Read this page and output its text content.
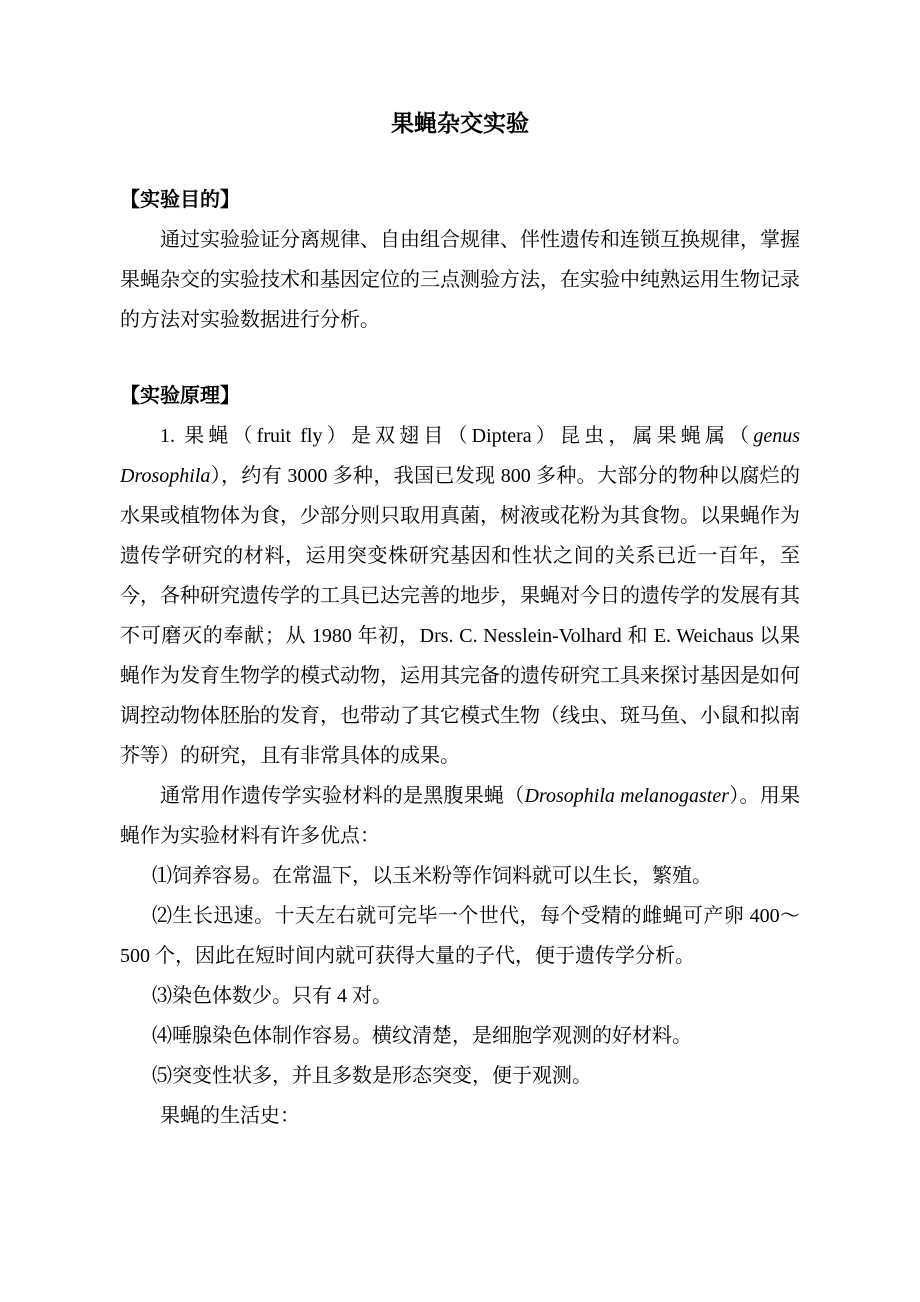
果蝇杂交实验
【实验目的】

通过实验验证分离规律、自由组合规律、伴性遗传和连锁互换规律，掌握果蝇杂交的实验技术和基因定位的三点测验方法，在实验中纯熟运用生物记录的方法对实验数据进行分析。

【实验原理】

1. 果蝇（fruit fly）是双翅目（Diptera）昆虫，属果蝇属（genus Drosophila），约有 3000 多种，我国已发现 800 多种。大部分的物种以腐烂的水果或植物体为食，少部分则只取用真菌，树液或花粉为其食物。以果蝇作为遗传学研究的材料，运用突变株研究基因和性状之间的关系已近一百年，至今，各种研究遗传学的工具已达完善的地步，果蝇对今日的遗传学的发展有其不可磨灭的奉献；从 1980 年初，Drs. C. Nesslein-Volhard 和 E. Weichaus 以果蝇作为发育生物学的模式动物，运用其完备的遗传研究工具来探讨基因是如何调控动物体胚胎的发育，也带动了其它模式生物（线虫、斑马鱼、小鼠和拟南芥等）的研究，且有非常具体的成果。

通常用作遗传学实验材料的是黑腹果蝇（Drosophila melanogaster）。用果蝇作为实验材料有许多优点：

⑴饲养容易。在常温下，以玉米粉等作饲料就可以生长，繁殖。

⑵生长迅速。十天左右就可完毕一个世代，每个受精的雌蝇可产卵 400～500 个，因此在短时间内就可获得大量的子代，便于遗传学分析。

⑶染色体数少。只有 4 对。

⑷唾腺染色体制作容易。横纹清楚，是细胞学观测的好材料。

⑸突变性状多，并且多数是形态突变，便于观测。

果蝇的生活史：
